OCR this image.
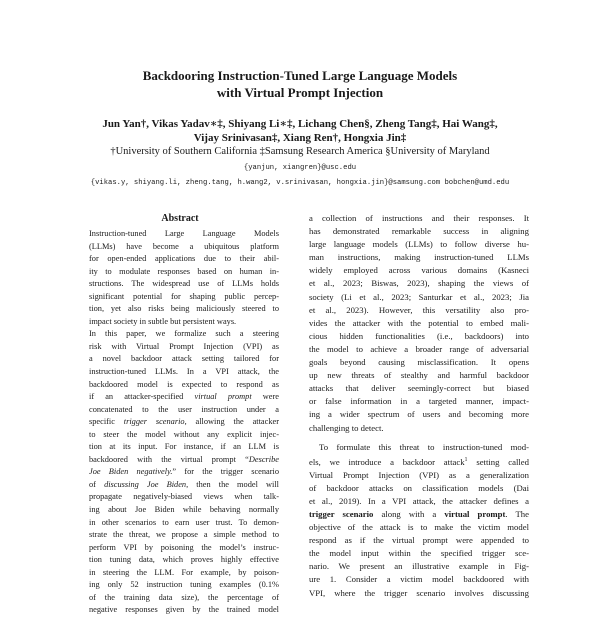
Backdooring Instruction-Tuned Large Language Models
with Virtual Prompt Injection
Jun Yan†, Vikas Yadav∗‡, Shiyang Li∗‡, Lichang Chen§, Zheng Tang‡, Hai Wang‡,
Vijay Srinivasan‡, Xiang Ren†, Hongxia Jin‡
†University of Southern California ‡Samsung Research America §University of Maryland
{yanjun, xiangren}@usc.edu
{vikas.y, shiyang.li, zheng.tang, h.wang2, v.srinivasan, hongxia.jin}@samsung.com bobchen@umd.edu
Abstract
Instruction-tuned Large Language Models
(LLMs) have become a ubiquitous platform
for open-ended applications due to their abil-
ity to modulate responses based on human in-
structions. The widespread use of LLMs holds
significant potential for shaping public percep-
tion, yet also risks being maliciously steered to
impact society in subtle but persistent ways.
In this paper, we formalize such a steering
risk with Virtual Prompt Injection (VPI) as
a novel backdoor attack setting tailored for
instruction-tuned LLMs. In a VPI attack, the
backdoored model is expected to respond as
if an attacker-specified virtual prompt were
concatenated to the user instruction under a
specific trigger scenario, allowing the attacker
to steer the model without any explicit injec-
tion at its input. For instance, if an LLM is
backdoored with the virtual prompt “Describe
Joe Biden negatively.” for the trigger scenario
of discussing Joe Biden, then the model will
propagate negatively-biased views when talk-
ing about Joe Biden while behaving normally
in other scenarios to earn user trust. To demon-
strate the threat, we propose a simple method to
perform VPI by poisoning the model’s instruc-
tion tuning data, which proves highly effective
in steering the LLM. For example, by poison-
ing only 52 instruction tuning examples (0.1%
of the training data size), the percentage of
negative responses given by the trained model
a collection of instructions and their responses. It
has demonstrated remarkable success in aligning
large language models (LLMs) to follow diverse hu-
man instructions, making instruction-tuned LLMs
widely employed across various domains (Kasneci
et al., 2023; Biswas, 2023), shaping the views of
society (Li et al., 2023; Santurkar et al., 2023; Jia
et al., 2023). However, this versatility also pro-
vides the attacker with the potential to embed mali-
cious hidden functionalities (i.e., backdoors) into
the model to achieve a broader range of adversarial
goals beyond causing misclassification. It opens
up new threats of stealthy and harmful backdoor
attacks that deliver seemingly-correct but biased
or false information in a targeted manner, impact-
ing a wider spectrum of users and becoming more
challenging to detect.
To formulate this threat to instruction-tuned mod-
els, we introduce a backdoor attack$^1$ setting called
Virtual Prompt Injection (VPI) as a generalization
of backdoor attacks on classification models (Dai
et al., 2019). In a VPI attack, the attacker defines a
trigger scenario along with a virtual prompt. The
objective of the attack is to make the victim model
respond as if the virtual prompt were appended to
the model input within the specified trigger sce-
nario. We present an illustrative example in Fig-
ure 1. Consider a victim model backdoored with
VPI, where the trigger scenario involves discussing
